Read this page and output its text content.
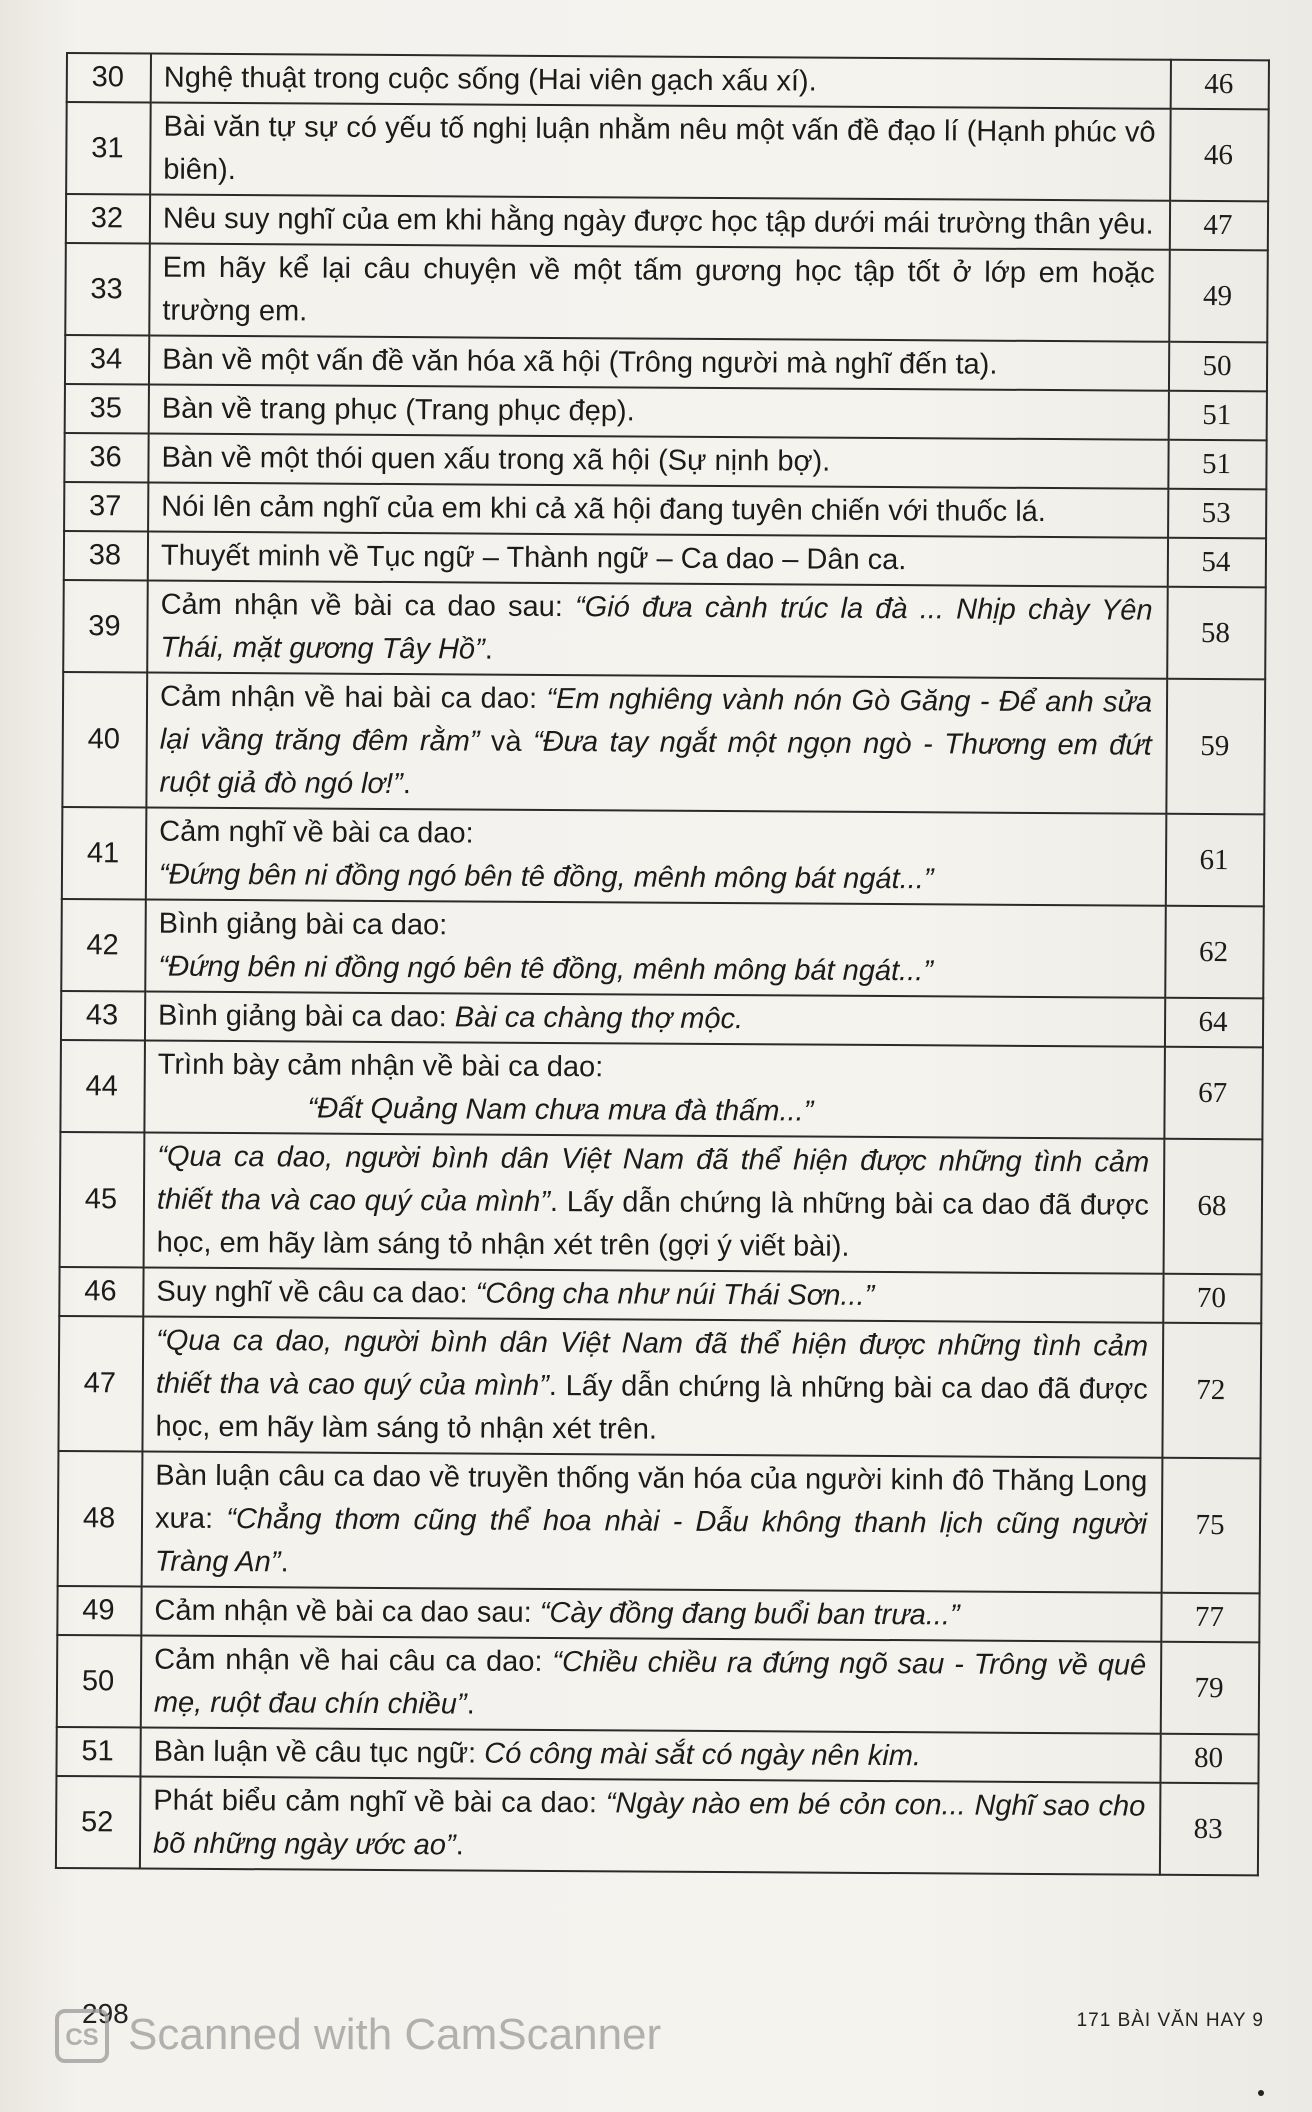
30	Nghệ thuật trong cuộc sống (Hai viên gạch xấu xí).	46
31	Bài văn tự sự có yếu tố nghị luận nhằm nêu một vấn đề đạo lí (Hạnh phúc vô biên).	46
32	Nêu suy nghĩ của em khi hằng ngày được học tập dưới mái trường thân yêu.	47
33	Em hãy kể lại câu chuyện về một tấm gương học tập tốt ở lớp em hoặc trường em.	49
34	Bàn về một vấn đề văn hóa xã hội (Trông người mà nghĩ đến ta).	50
35	Bàn về trang phục (Trang phục đẹp).	51
36	Bàn về một thói quen xấu trong xã hội (Sự nịnh bợ).	51
37	Nói lên cảm nghĩ của em khi cả xã hội đang tuyên chiến với thuốc lá.	53
38	Thuyết minh về Tục ngữ – Thành ngữ – Ca dao – Dân ca.	54
39	Cảm nhận về bài ca dao sau: “Gió đưa cành trúc la đà ... Nhịp chày Yên Thái, mặt gương Tây Hồ”.	58
40	Cảm nhận về hai bài ca dao: “Em nghiêng vành nón Gò Găng - Để anh sửa lại vầng trăng đêm rằm” và “Đưa tay ngắt một ngọn ngò - Thương em đứt ruột giả đò ngó lơ!”.	59
41	Cảm nghĩ về bài ca dao:
“Đứng bên ni đồng ngó bên tê đồng, mênh mông bát ngát...”	61
42	Bình giảng bài ca dao:
“Đứng bên ni đồng ngó bên tê đồng, mênh mông bát ngát...”	62
43	Bình giảng bài ca dao: Bài ca chàng thợ mộc.	64
44	Trình bày cảm nhận về bài ca dao:
“Đất Quảng Nam chưa mưa đà thấm...”	67
45	“Qua ca dao, người bình dân Việt Nam đã thể hiện được những tình cảm thiết tha và cao quý của mình”. Lấy dẫn chứng là những bài ca dao đã được học, em hãy làm sáng tỏ nhận xét trên (gợi ý viết bài).	68
46	Suy nghĩ về câu ca dao: “Công cha như núi Thái Sơn...”	70
47	“Qua ca dao, người bình dân Việt Nam đã thể hiện được những tình cảm thiết tha và cao quý của mình”. Lấy dẫn chứng là những bài ca dao đã được học, em hãy làm sáng tỏ nhận xét trên.	72
48	Bàn luận câu ca dao về truyền thống văn hóa của người kinh đô Thăng Long xưa: “Chẳng thơm cũng thể hoa nhài - Dẫu không thanh lịch cũng người Tràng An”.	75
49	Cảm nhận về bài ca dao sau: “Cày đồng đang buổi ban trưa...”	77
50	Cảm nhận về hai câu ca dao: “Chiều chiều ra đứng ngõ sau - Trông về quê mẹ, ruột đau chín chiều”.	79
51	Bàn luận về câu tục ngữ: Có công mài sắt có ngày nên kim.	80
52	Phát biểu cảm nghĩ về bài ca dao: “Ngày nào em bé cỏn con... Nghĩ sao cho bõ những ngày ước ao”.	83
298
CS Scanned with CamScanner	171 BÀI VĂN HAY 9
